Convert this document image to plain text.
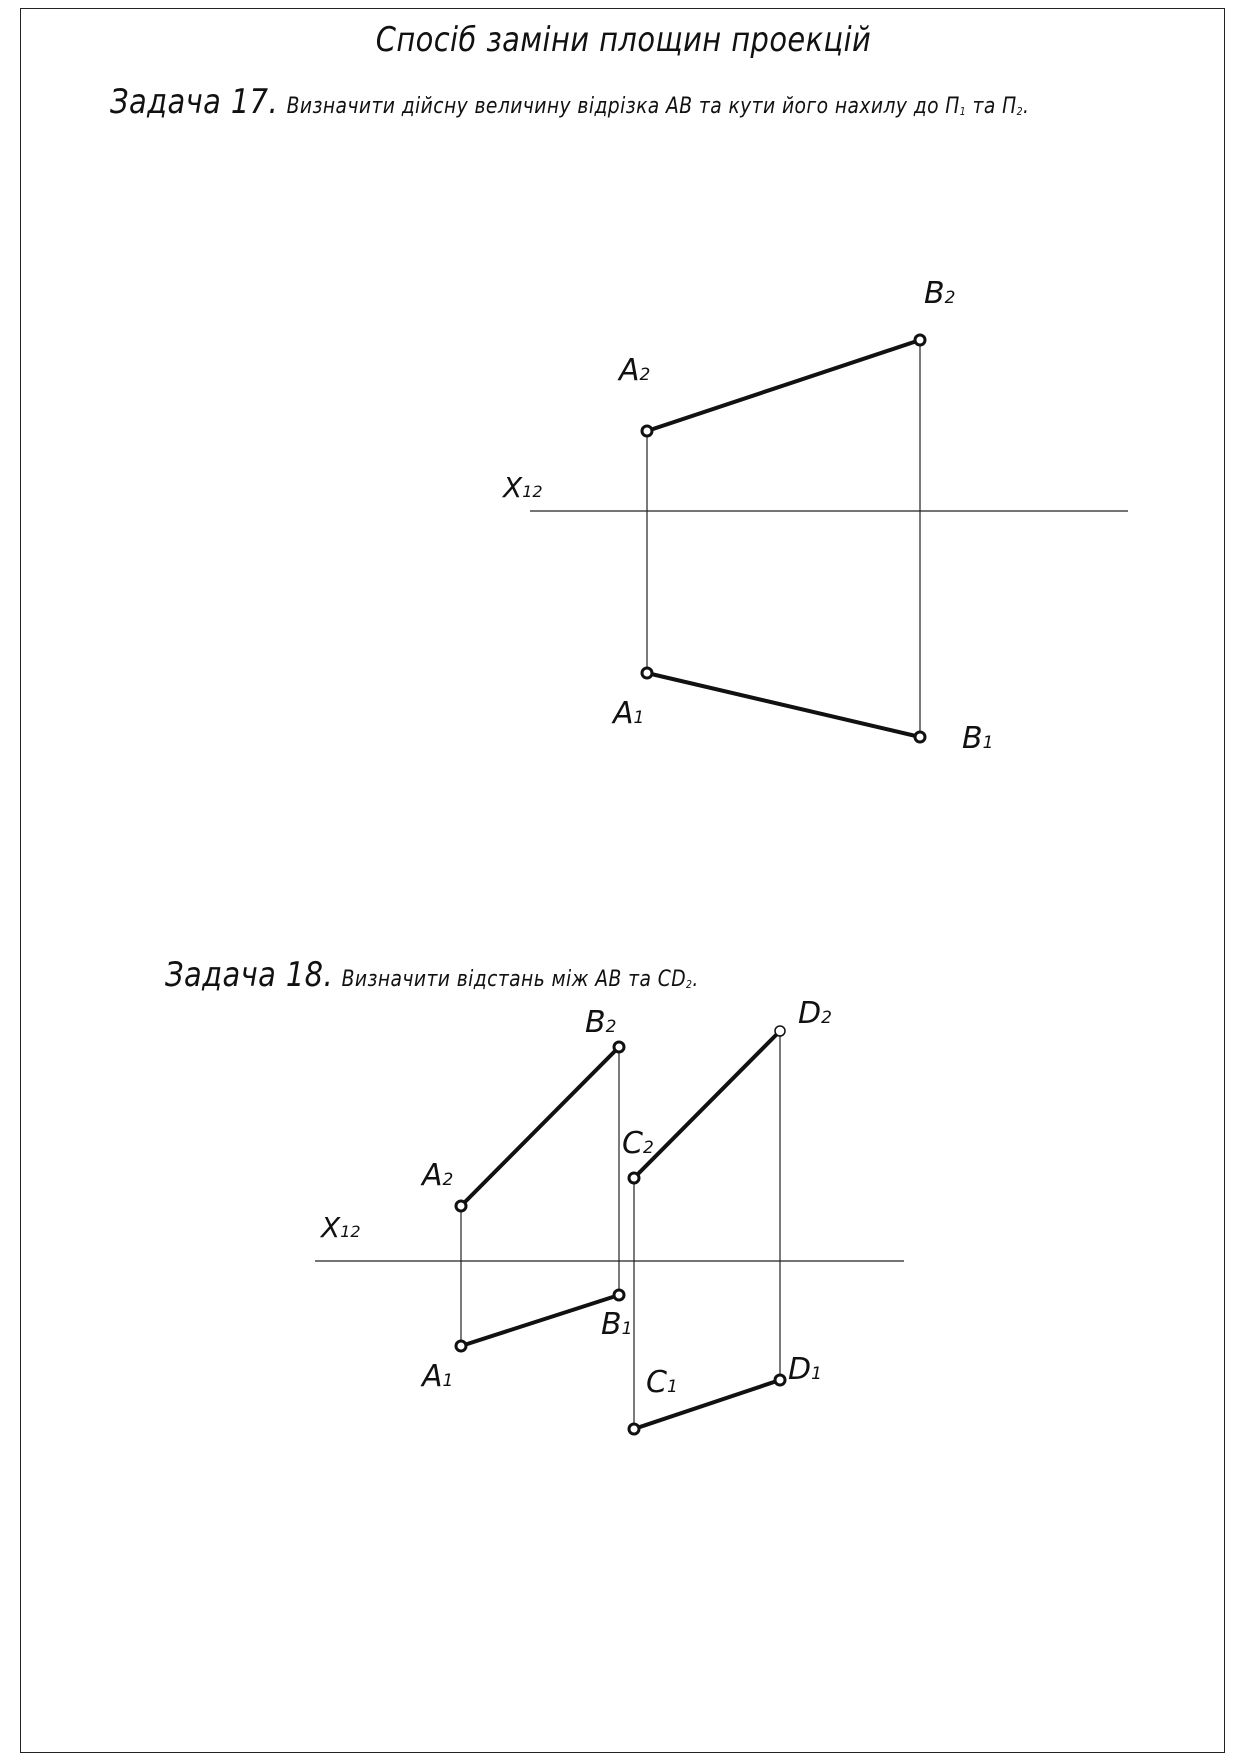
Спосіб заміни площин проекцій
Задача 17. Визначити дійсну величину відрізка AB та кути його нахилу до $П_1$ та $П_2$.
Задача 18. Визначити відстань між AB та $CD_2$.
X12
A2
B2
A1
B1
X12
A2
B2
C2
D2
A1
B1
C1	D1
